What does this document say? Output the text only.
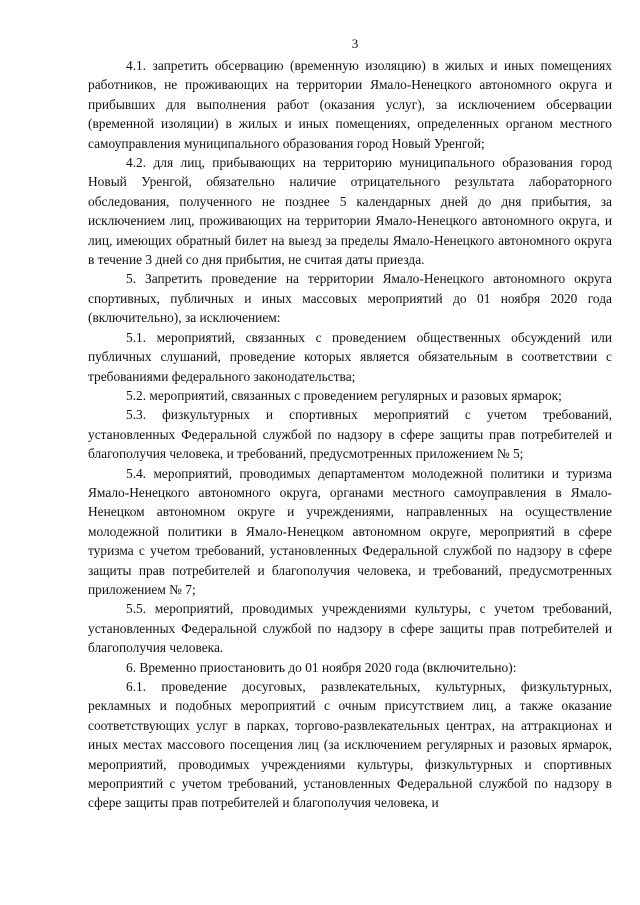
3

4.1. запретить обсервацию (временную изоляцию) в жилых и иных помещениях работников, не проживающих на территории Ямало-Ненецкого автономного округа и прибывших для выполнения работ (оказания услуг), за исключением обсервации (временной изоляции) в жилых и иных помещениях, определенных органом местного самоуправления муниципального образования город Новый Уренгой;

4.2. для лиц, прибывающих на территорию муниципального образования город Новый Уренгой, обязательно наличие отрицательного результата лабораторного обследования, полученного не позднее 5 календарных дней до дня прибытия, за исключением лиц, проживающих на территории Ямало-Ненецкого автономного округа, и лиц, имеющих обратный билет на выезд за пределы Ямало-Ненецкого автономного округа в течение 3 дней со дня прибытия, не считая даты приезда.

5. Запретить проведение на территории Ямало-Ненецкого автономного округа спортивных, публичных и иных массовых мероприятий до 01 ноября 2020 года (включительно), за исключением:

5.1. мероприятий, связанных с проведением общественных обсуждений или публичных слушаний, проведение которых является обязательным в соответствии с требованиями федерального законодательства;

5.2. мероприятий, связанных с проведением регулярных и разовых ярмарок;

5.3. физкультурных и спортивных мероприятий с учетом требований, установленных Федеральной службой по надзору в сфере защиты прав потребителей и благополучия человека, и требований, предусмотренных приложением № 5;

5.4. мероприятий, проводимых департаментом молодежной политики и туризма Ямало-Ненецкого автономного округа, органами местного самоуправления в Ямало-Ненецком автономном округе и учреждениями, направленных на осуществление молодежной политики в Ямало-Ненецком автономном округе, мероприятий в сфере туризма с учетом требований, установленных Федеральной службой по надзору в сфере защиты прав потребителей и благополучия человека, и требований, предусмотренных приложением № 7;

5.5. мероприятий, проводимых учреждениями культуры, с учетом требований, установленных Федеральной службой по надзору в сфере защиты прав потребителей и благополучия человека.

6. Временно приостановить до 01 ноября 2020 года (включительно):

6.1. проведение досуговых, развлекательных, культурных, физкультурных, рекламных и подобных мероприятий с очным присутствием лиц, а также оказание соответствующих услуг в парках, торгово-развлекательных центрах, на аттракционах и иных местах массового посещения лиц (за исключением регулярных и разовых ярмарок, мероприятий, проводимых учреждениями культуры, физкультурных и спортивных мероприятий с учетом требований, установленных Федеральной службой по надзору в сфере защиты прав потребителей и благополучия человека, и
